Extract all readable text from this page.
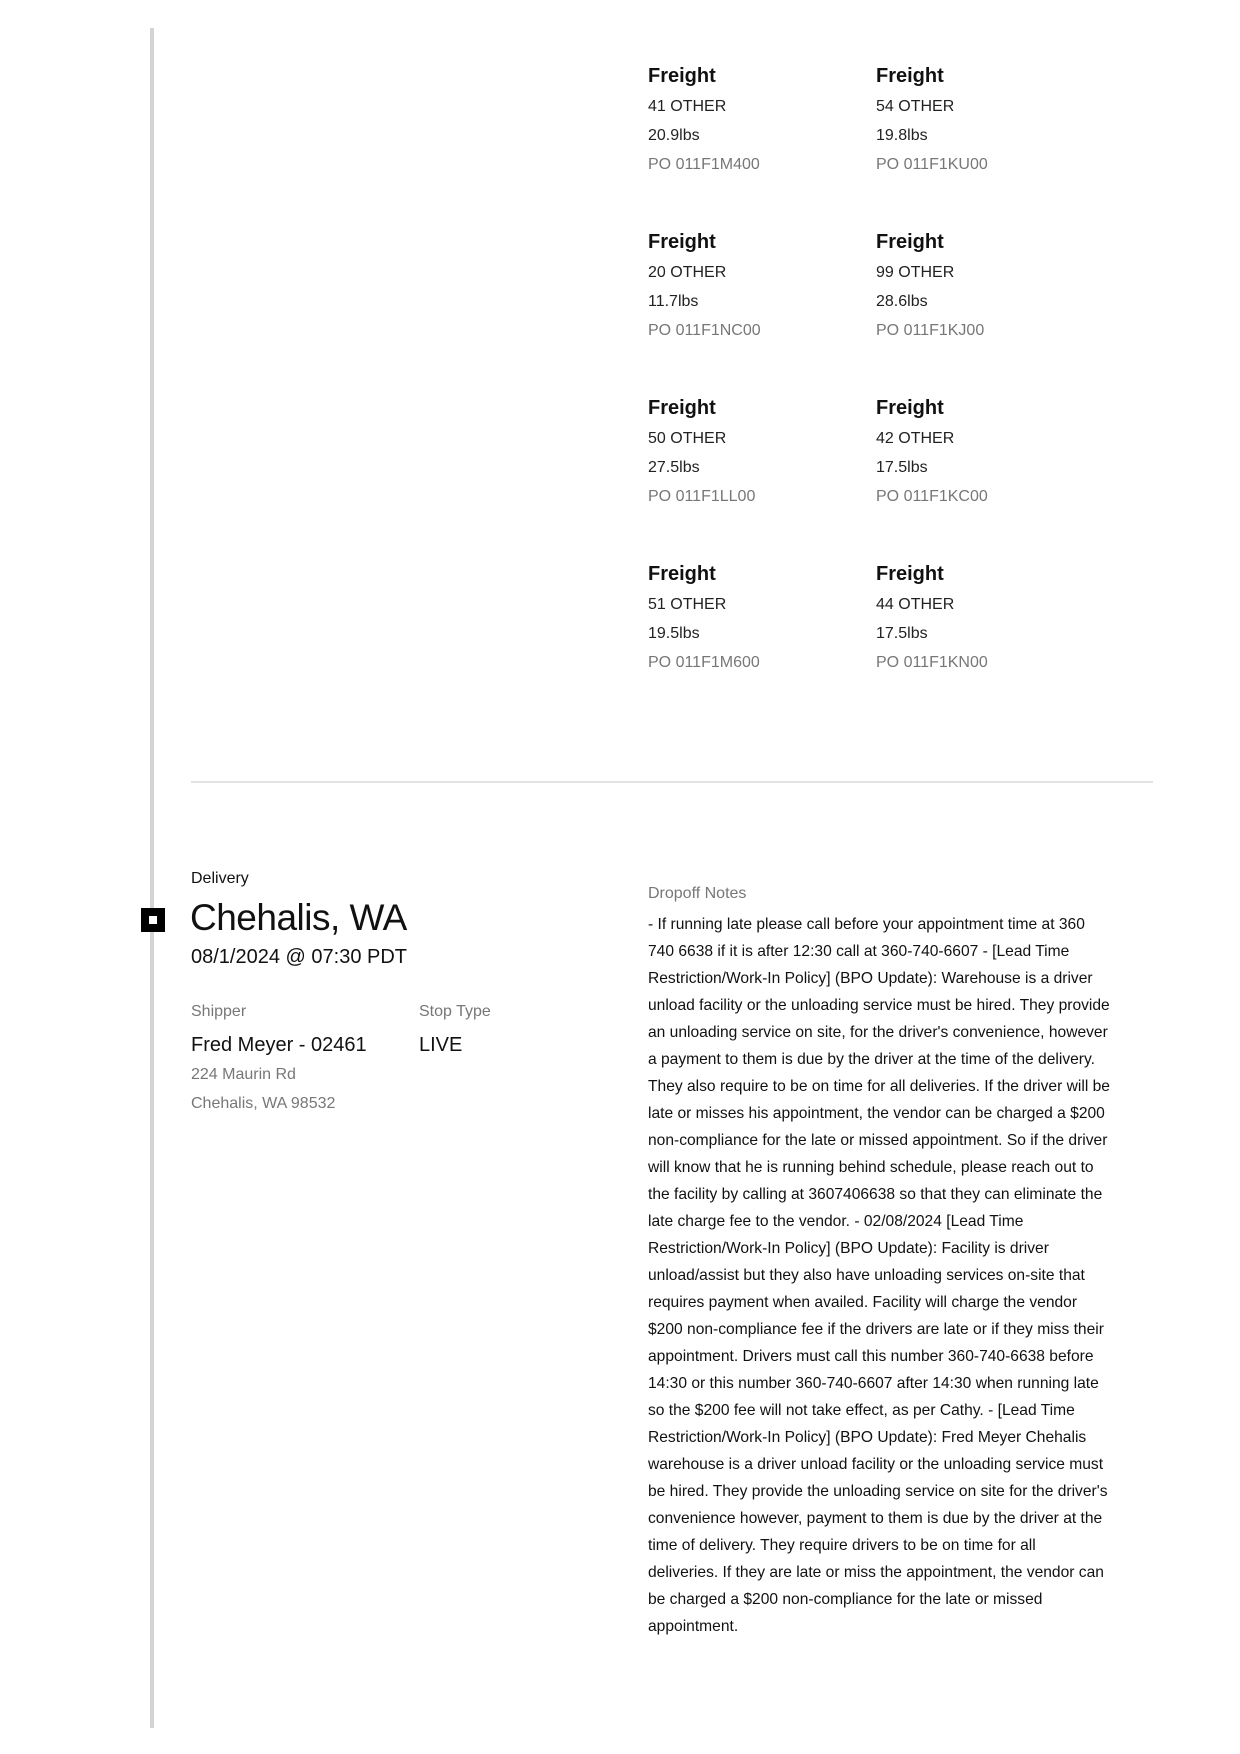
Freight
41 OTHER
20.9lbs
PO 011F1M400
Freight
54 OTHER
19.8lbs
PO 011F1KU00
Freight
20 OTHER
11.7lbs
PO 011F1NC00
Freight
99 OTHER
28.6lbs
PO 011F1KJ00
Freight
50 OTHER
27.5lbs
PO 011F1LL00
Freight
42 OTHER
17.5lbs
PO 011F1KC00
Freight
51 OTHER
19.5lbs
PO 011F1M600
Freight
44 OTHER
17.5lbs
PO 011F1KN00
Delivery
Chehalis, WA
08/1/2024 @ 07:30 PDT
Shipper
Fred Meyer - 02461
224 Maurin Rd
Chehalis, WA 98532
Stop Type
LIVE
Dropoff Notes
- If running late please call before your appointment time at 360 740 6638 if it is after 12:30 call at 360-740-6607 - [Lead Time Restriction/Work-In Policy] (BPO Update): Warehouse is a driver unload facility or the unloading service must be hired. They provide an unloading service on site, for the driver's convenience, however a payment to them is due by the driver at the time of the delivery. They also require to be on time for all deliveries. If the driver will be late or misses his appointment, the vendor can be charged a $200 non-compliance for the late or missed appointment. So if the driver will know that he is running behind schedule, please reach out to the facility by calling at 3607406638 so that they can eliminate the late charge fee to the vendor. - 02/08/2024 [Lead Time Restriction/Work-In Policy] (BPO Update): Facility is driver unload/assist but they also have unloading services on-site that requires payment when availed. Facility will charge the vendor $200 non-compliance fee if the drivers are late or if they miss their appointment. Drivers must call this number 360-740-6638 before 14:30 or this number 360-740-6607 after 14:30 when running late so the $200 fee will not take effect, as per Cathy. - [Lead Time Restriction/Work-In Policy] (BPO Update): Fred Meyer Chehalis warehouse is a driver unload facility or the unloading service must be hired. They provide the unloading service on site for the driver's convenience however, payment to them is due by the driver at the time of delivery. They require drivers to be on time for all deliveries. If they are late or miss the appointment, the vendor can be charged a $200 non-compliance for the late or missed appointment.
